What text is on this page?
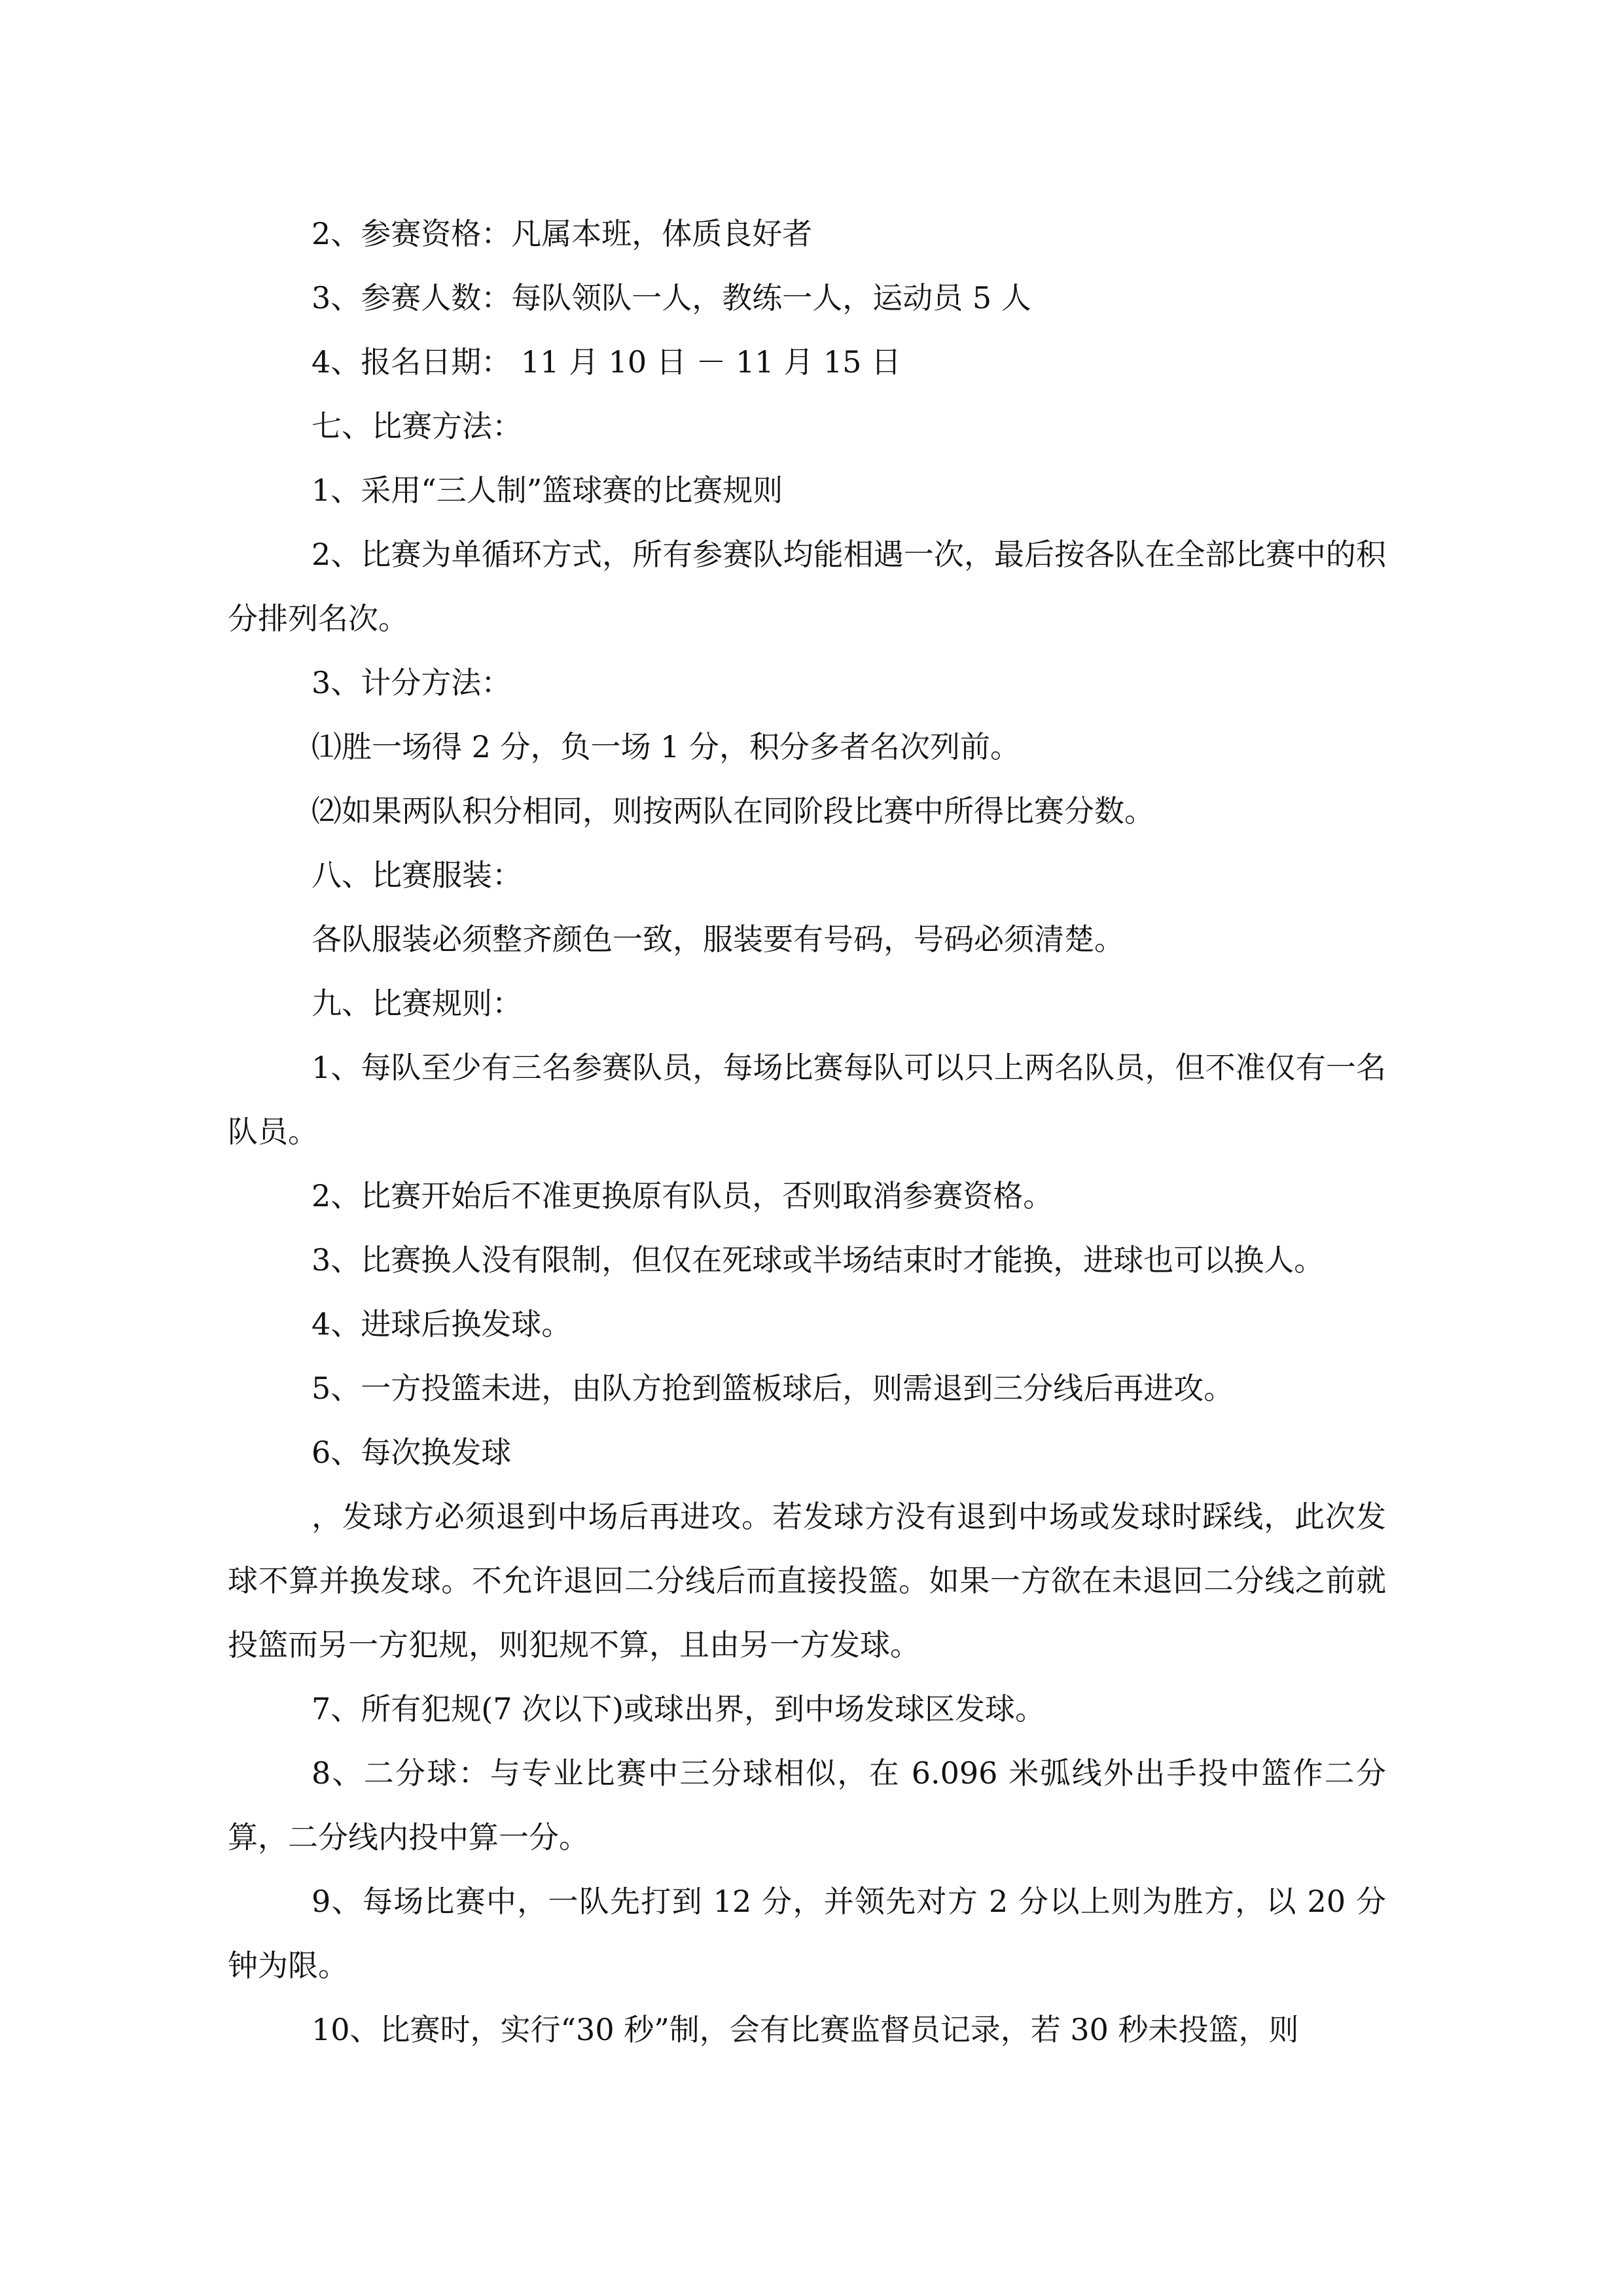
2、参赛资格：凡属本班，体质良好者

3、参赛人数：每队领队一人，教练一人，运动员 5 人

4、报名日期： 11 月 10 日 － 11 月 15 日

七、比赛方法：

1、采用“三人制”篮球赛的比赛规则

2、比赛为单循环方式，所有参赛队均能相遇一次，最后按各队在全部比赛中的积分排列名次。

3、计分方法：

⑴胜一场得 2 分，负一场 1 分，积分多者名次列前。

⑵如果两队积分相同，则按两队在同阶段比赛中所得比赛分数。

八、比赛服装：

各队服装必须整齐颜色一致，服装要有号码，号码必须清楚。

九、比赛规则：

1、每队至少有三名参赛队员，每场比赛每队可以只上两名队员，但不准仅有一名队员。

2、比赛开始后不准更换原有队员，否则取消参赛资格。

3、比赛换人没有限制，但仅在死球或半场结束时才能换，进球也可以换人。

4、进球后换发球。

5、一方投篮未进，由队方抢到篮板球后，则需退到三分线后再进攻。

6、每次换发球

，发球方必须退到中场后再进攻。若发球方没有退到中场或发球时踩线，此次发球不算并换发球。不允许退回二分线后而直接投篮。如果一方欲在未退回二分线之前就投篮而另一方犯规，则犯规不算，且由另一方发球。

7、所有犯规(7 次以下)或球出界，到中场发球区发球。

8、二分球：与专业比赛中三分球相似，在 6.096 米弧线外出手投中篮作二分算，二分线内投中算一分。

9、每场比赛中，一队先打到 12 分，并领先对方 2 分以上则为胜方，以 20 分钟为限。

10、比赛时，实行“30 秒”制，会有比赛监督员记录，若 30 秒未投篮，则
